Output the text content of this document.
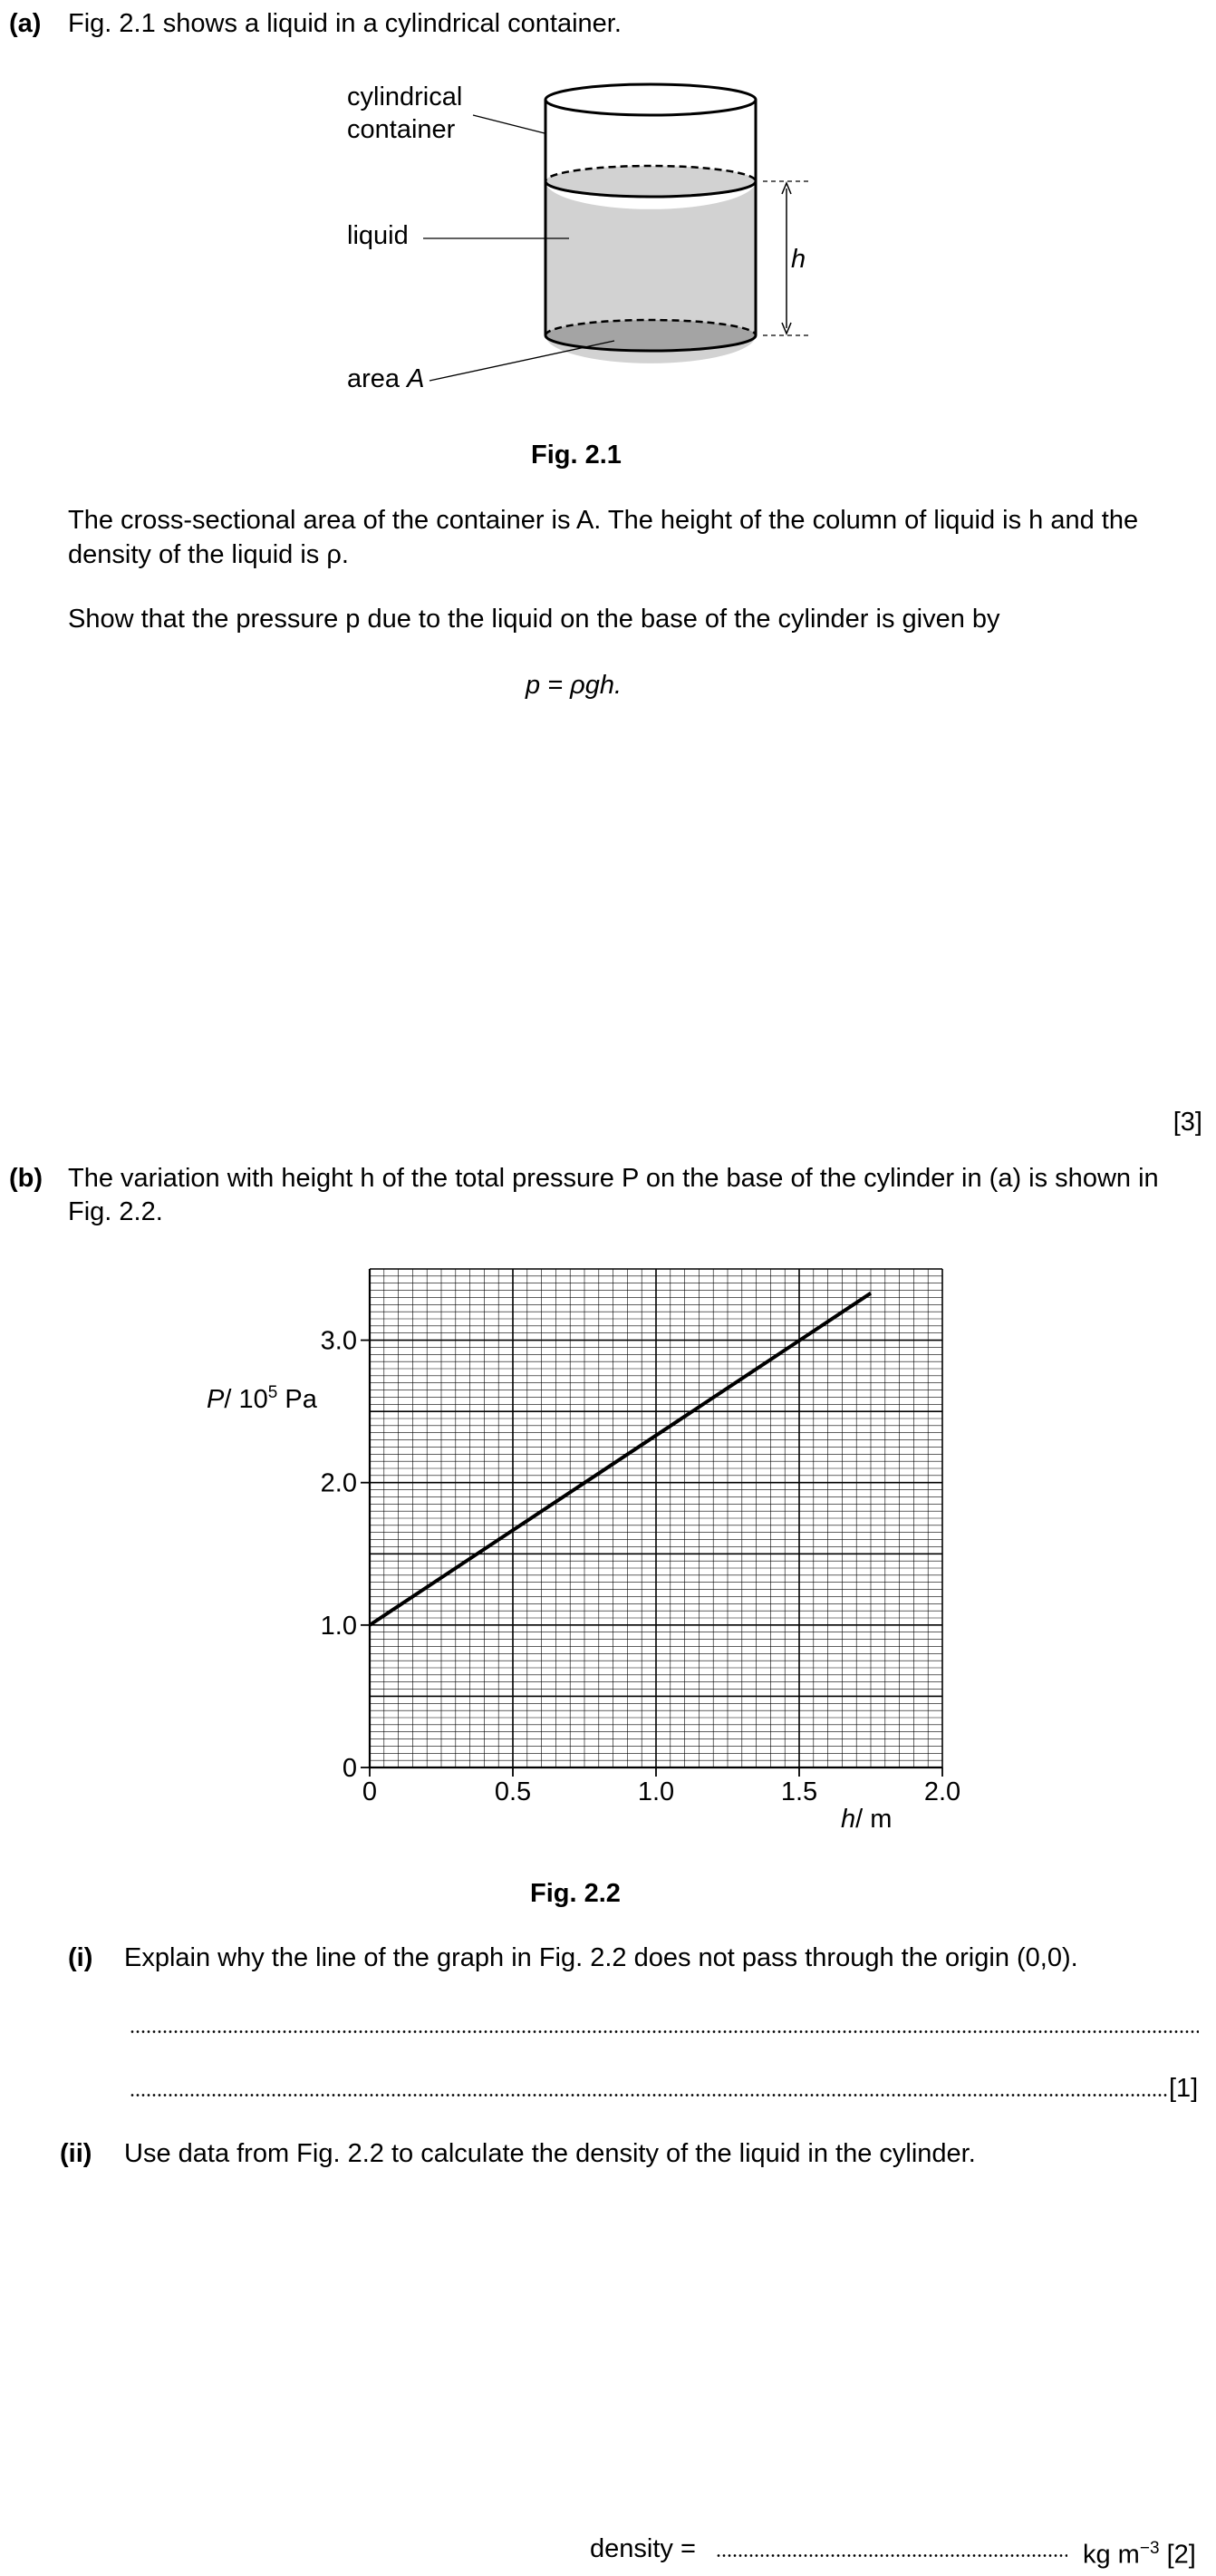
(a) Fig. 2.1 shows a liquid in a cylindrical container.
cylindrical
container
liquid
area A
h
Fig. 2.1
The cross-sectional area of the container is A. The height of the column of liquid is h and the
density of the liquid is ρ.
Show that the pressure p due to the liquid on the base of the cylinder is given by
p = ρgh.
[3]
(b) The variation with height h of the total pressure P on the base of the cylinder in (a) is shown in
Fig. 2.2.
0	0.5	1.0	1.5	2.0
0
1.0
2.0
3.0
P/ $10^5$ Pa
h/ m
Fig. 2.2
(i) Explain why the line of the graph in Fig. 2.2 does not pass through the origin (0,0).
[1]
(ii) Use data from Fig. 2.2 to calculate the density of the liquid in the cylinder.
density =	kg $m^{-3}$ [2]
